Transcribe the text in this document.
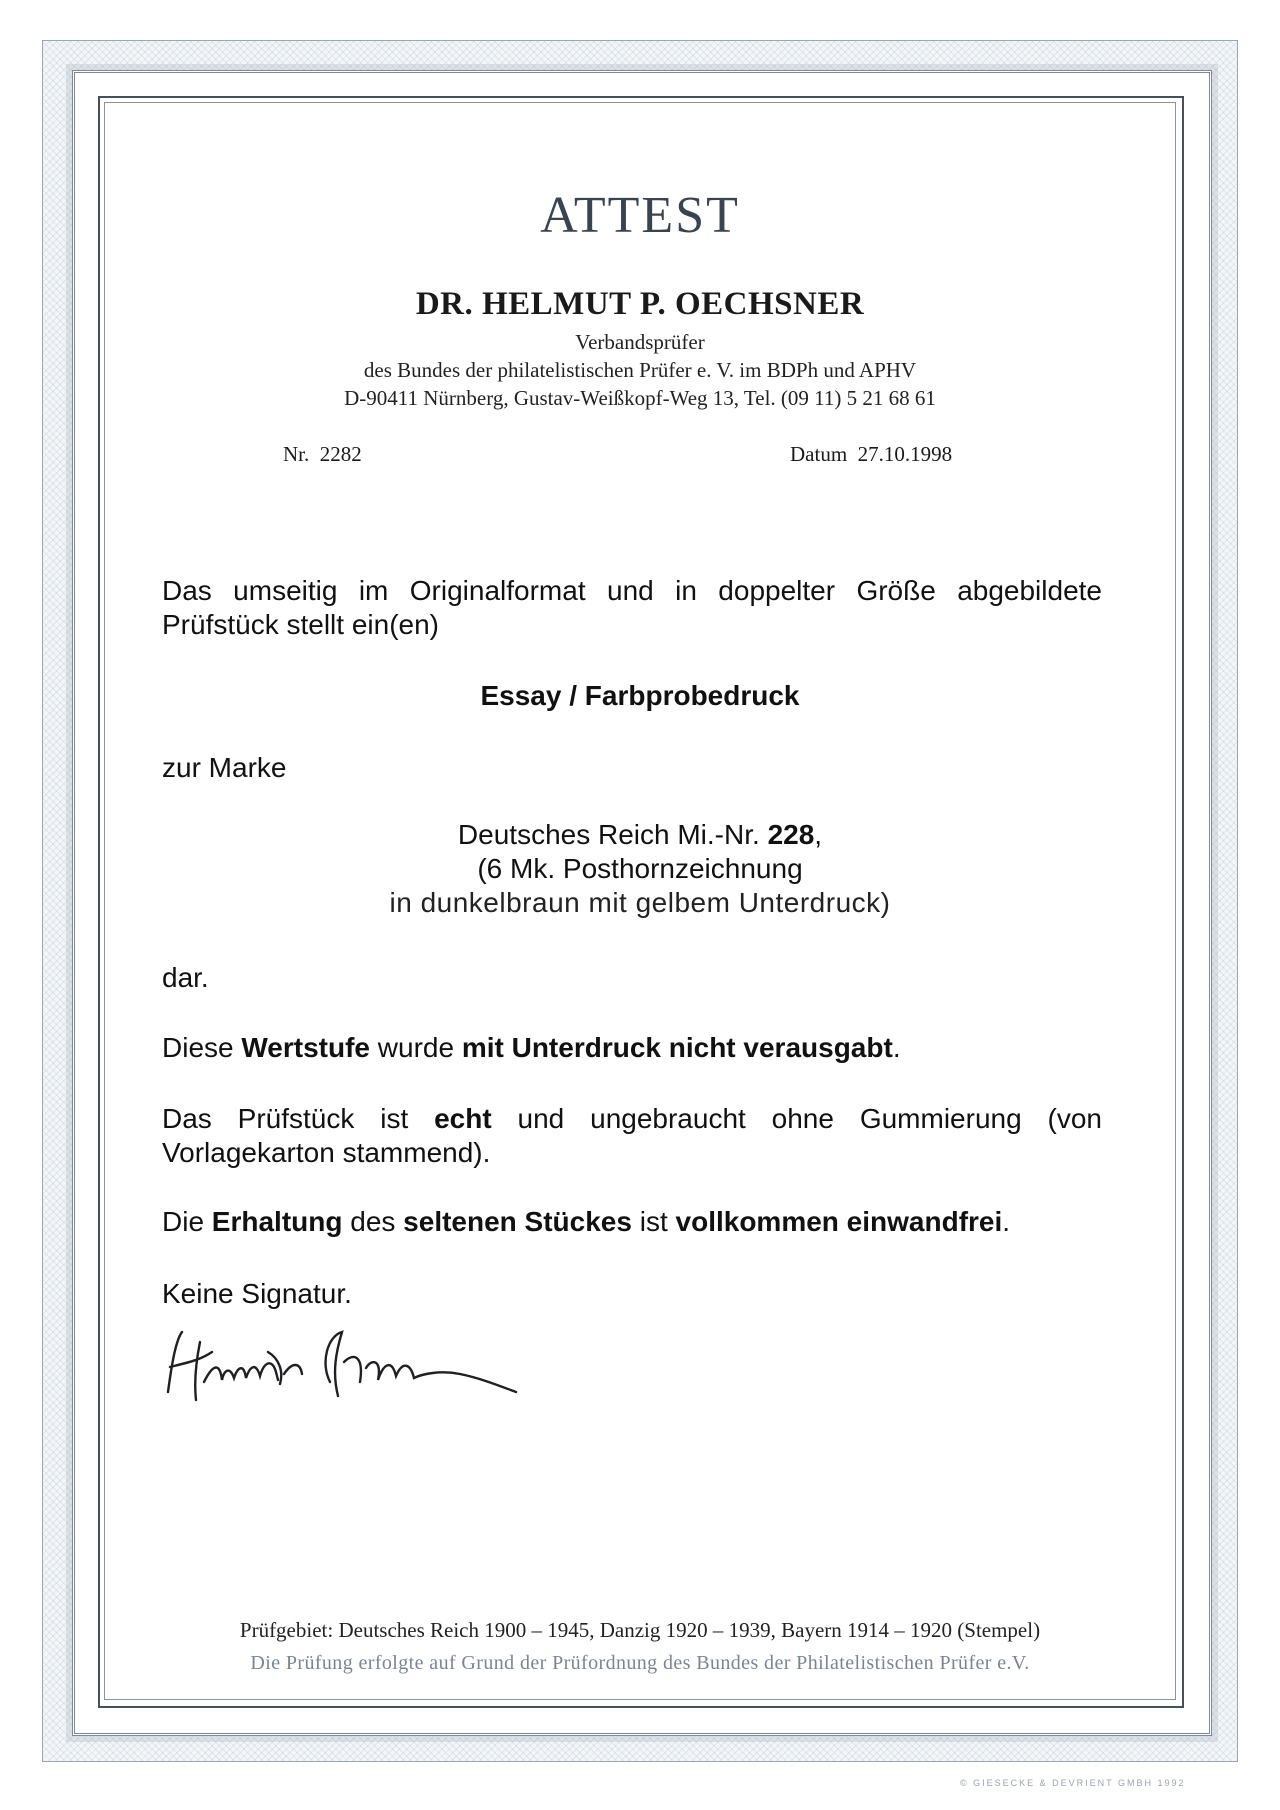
ATTEST
DR. HELMUT P. OECHSNER
Verbandsprüfer
des Bundes der philatelistischen Prüfer e. V. im BDPh und APHV
D-90411 Nürnberg, Gustav-Weißkopf-Weg 13, Tel. (09 11) 5 21 68 61
Nr. 2282	Datum 27.10.1998
Das umseitig im Originalformat und in doppelter Größe abgebildete Prüfstück stellt ein(en)
Essay / Farbprobedruck
zur Marke
Deutsches Reich Mi.-Nr. 228,
(6 Mk. Posthornzeichnung
in dunkelbraun mit gelbem Unterdruck)
dar.
Diese Wertstufe wurde mit Unterdruck nicht verausgabt.
Das Prüfstück ist echt und ungebraucht ohne Gummierung (von Vorlagekarton stammend).
Die Erhaltung des seltenen Stückes ist vollkommen einwandfrei.
Keine Signatur.
Prüfgebiet: Deutsches Reich 1900 – 1945, Danzig 1920 – 1939, Bayern 1914 – 1920 (Stempel)
Die Prüfung erfolgte auf Grund der Prüfordnung des Bundes der Philatelistischen Prüfer e.V.
© GIESECKE & DEVRIENT GMBH 1992
